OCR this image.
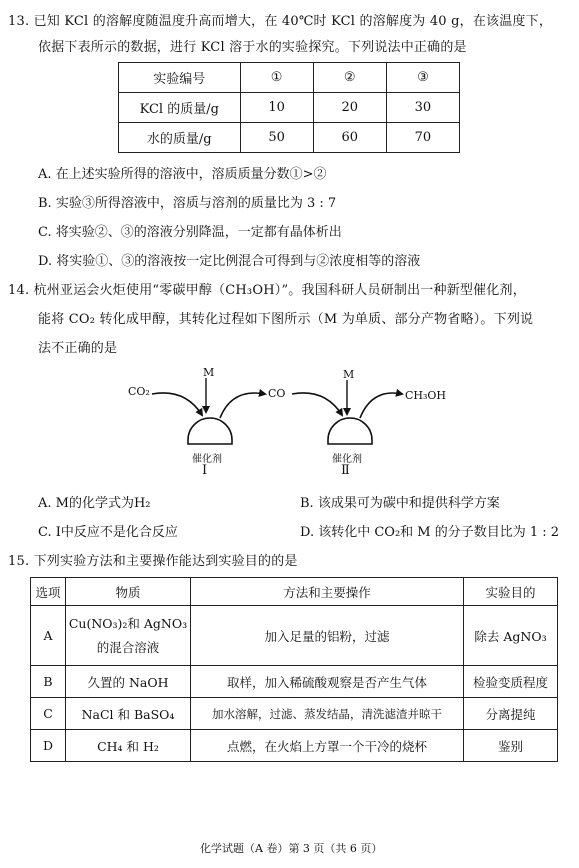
13. 已知 KCl 的溶解度随温度升高而增大，在 40℃时 KCl 的溶解度为 40 g，在该温度下，
依据下表所示的数据，进行 KCl 溶于水的实验探究。下列说法中正确的是
实验编号	①	②	③
KCl 的质量/g	10	20	30
水的质量/g	50	60	70
A. 在上述实验所得的溶液中，溶质质量分数①>②
B. 实验③所得溶液中，溶质与溶剂的质量比为 3 : 7
C. 将实验②、③的溶液分别降温，一定都有晶体析出
D. 将实验①、③的溶液按一定比例混合可得到与②浓度相等的溶液
14. 杭州亚运会火炬使用“零碳甲醇（CH₃OH）”。我国科研人员研制出一种新型催化剂，
能将 CO₂ 转化成甲醇，其转化过程如下图所示（M 为单质、部分产物省略）。下列说
法不正确的是
CO₂
M
CO
M
CH₃OH
催化剂	催化剂
Ⅰ	Ⅱ
A. M的化学式为H₂	B. 该成果可为碳中和提供科学方案
C. Ⅰ中反应不是化合反应	D. 该转化中 CO₂和 M 的分子数目比为 1 : 2
15. 下列实验方法和主要操作能达到实验目的的是
选项	物质	方法和主要操作	实验目的
A	Cu(NO₃)₂和 AgNO₃
的混合溶液	加入足量的铝粉，过滤	除去 AgNO₃
B	久置的 NaOH	取样，加入稀硫酸观察是否产生气体	检验变质程度
C	NaCl 和 BaSO₄	加水溶解，过滤、蒸发结晶，清洗滤渣并晾干	分离提纯
D	CH₄ 和 H₂	点燃，在火焰上方罩一个干冷的烧杯	鉴别
化学试题（A 卷）第 3 页（共 6 页）
